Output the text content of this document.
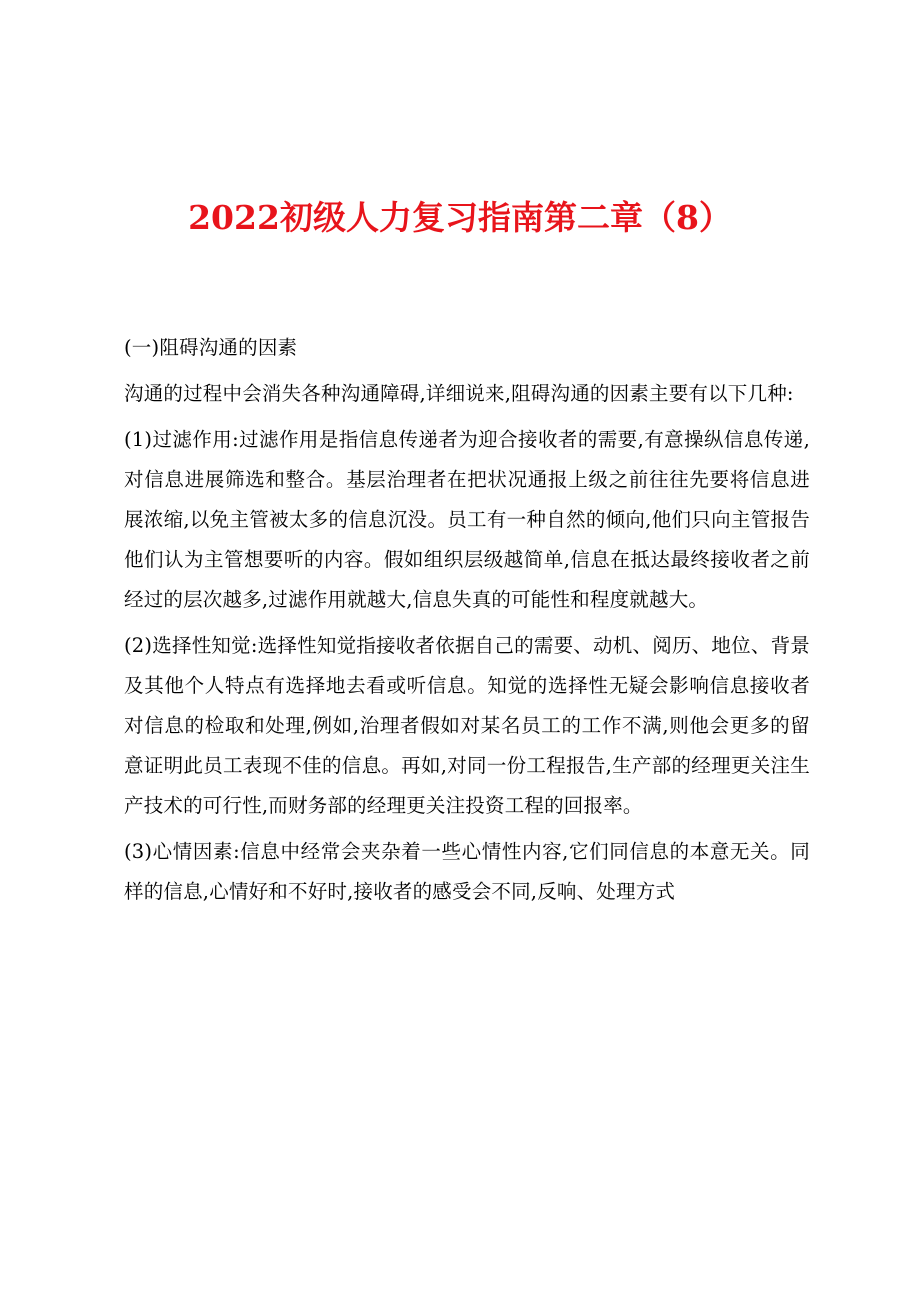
2022初级人力复习指南第二章（8）

(一)阻碍沟通的因素

沟通的过程中会消失各种沟通障碍,详细说来,阻碍沟通的因素主要有以下几种:

(1)过滤作用:过滤作用是指信息传递者为迎合接收者的需要,有意操纵信息传递,对信息进展筛选和整合。基层治理者在把状况通报上级之前往往先要将信息进展浓缩,以免主管被太多的信息沉没。员工有一种自然的倾向,他们只向主管报告他们认为主管想要听的内容。假如组织层级越简单,信息在抵达最终接收者之前经过的层次越多,过滤作用就越大,信息失真的可能性和程度就越大。

(2)选择性知觉:选择性知觉指接收者依据自己的需要、动机、阅历、地位、背景及其他个人特点有选择地去看或听信息。知觉的选择性无疑会影响信息接收者对信息的检取和处理,例如,治理者假如对某名员工的工作不满,则他会更多的留意证明此员工表现不佳的信息。再如,对同一份工程报告,生产部的经理更关注生产技术的可行性,而财务部的经理更关注投资工程的回报率。

(3)心情因素:信息中经常会夹杂着一些心情性内容,它们同信息的本意无关。同样的信息,心情好和不好时,接收者的感受会不同,反响、处理方式
